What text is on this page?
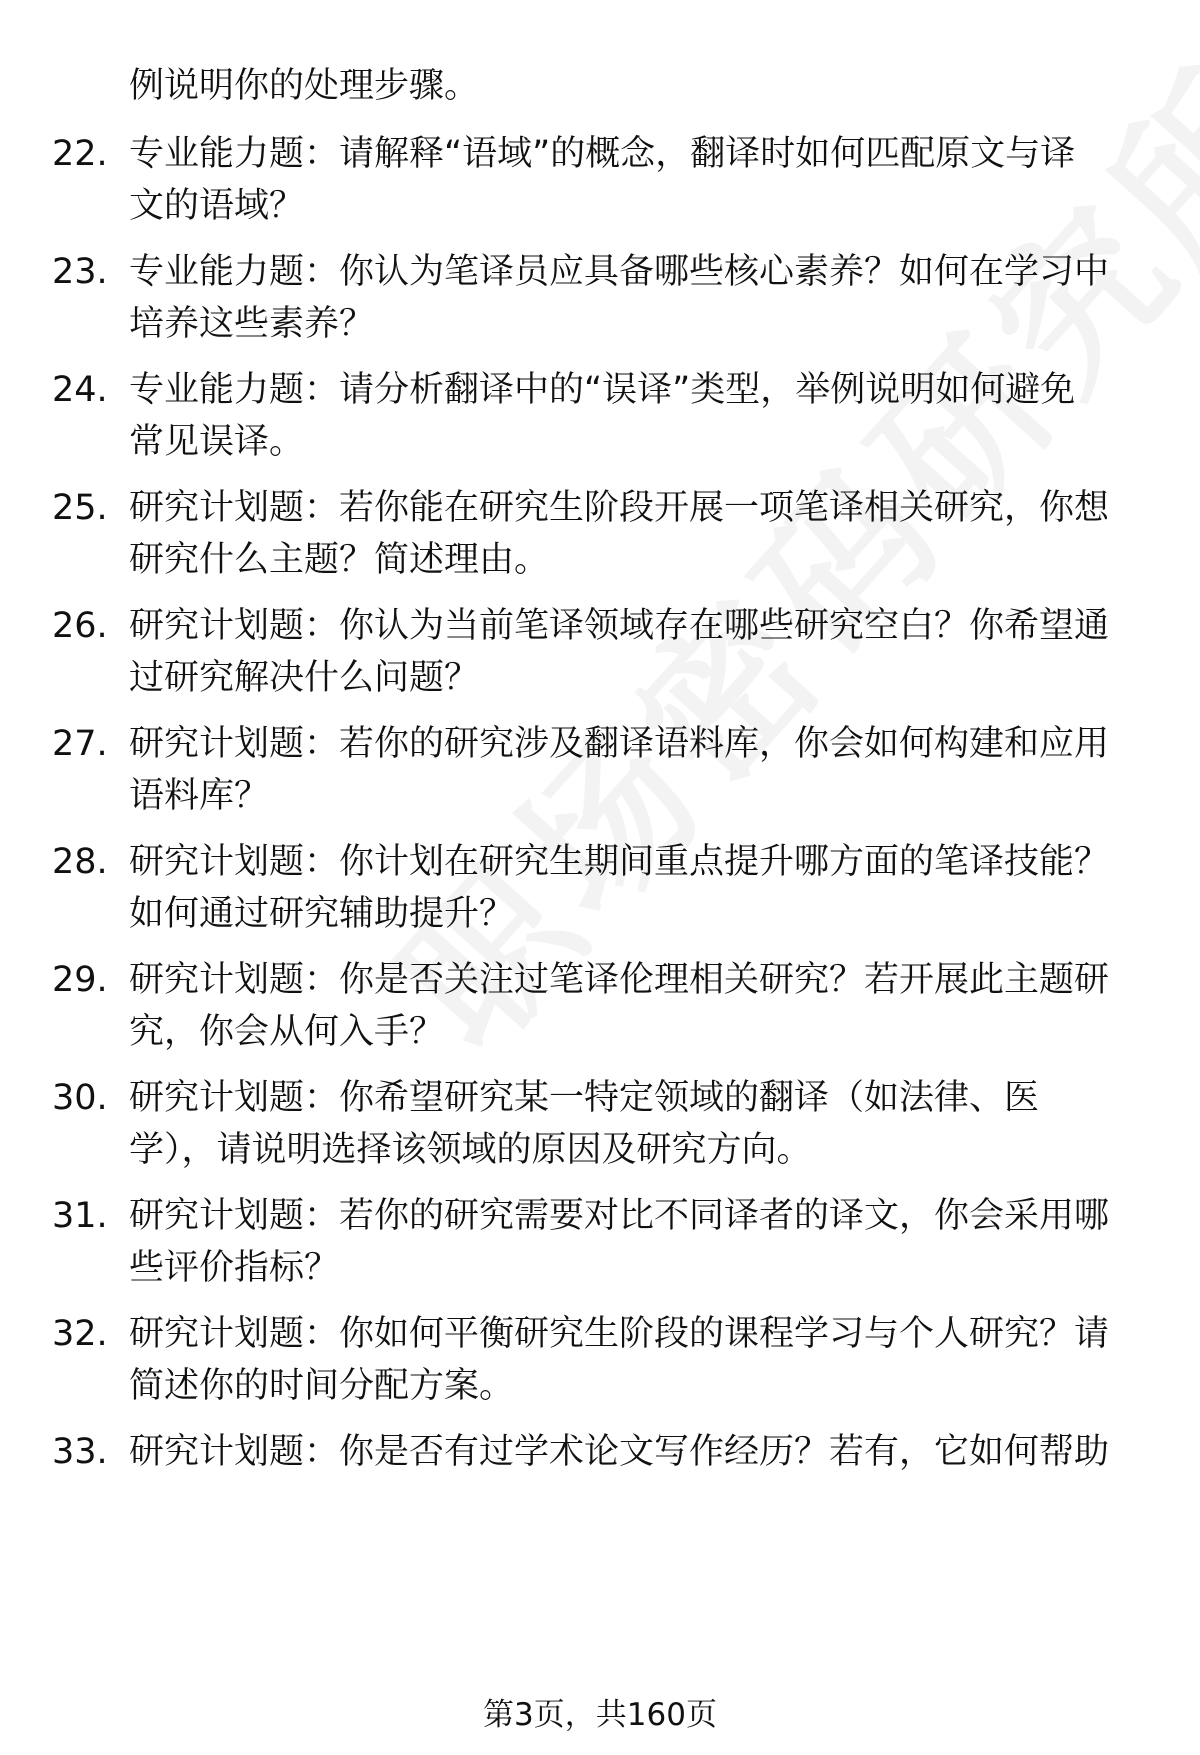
例说明你的处理步骤。
22. 专业能力题：请解释“语域”的概念，翻译时如何匹配原文与译
文的语域？
23. 专业能力题：你认为笔译员应具备哪些核心素养？如何在学习中
培养这些素养？
24. 专业能力题：请分析翻译中的“误译”类型，举例说明如何避免
常见误译。
25. 研究计划题：若你能在研究生阶段开展一项笔译相关研究，你想
研究什么主题？简述理由。
26. 研究计划题：你认为当前笔译领域存在哪些研究空白？你希望通
过研究解决什么问题？
27. 研究计划题：若你的研究涉及翻译语料库，你会如何构建和应用
语料库？
28. 研究计划题：你计划在研究生期间重点提升哪方面的笔译技能？
如何通过研究辅助提升？
29. 研究计划题：你是否关注过笔译伦理相关研究？若开展此主题研
究，你会从何入手？
30. 研究计划题：你希望研究某一特定领域的翻译（如法律、医
学），请说明选择该领域的原因及研究方向。
31. 研究计划题：若你的研究需要对比不同译者的译文，你会采用哪
些评价指标？
32. 研究计划题：你如何平衡研究生阶段的课程学习与个人研究？请
简述你的时间分配方案。
33. 研究计划题：你是否有过学术论文写作经历？若有，它如何帮助
第3页，共160页
